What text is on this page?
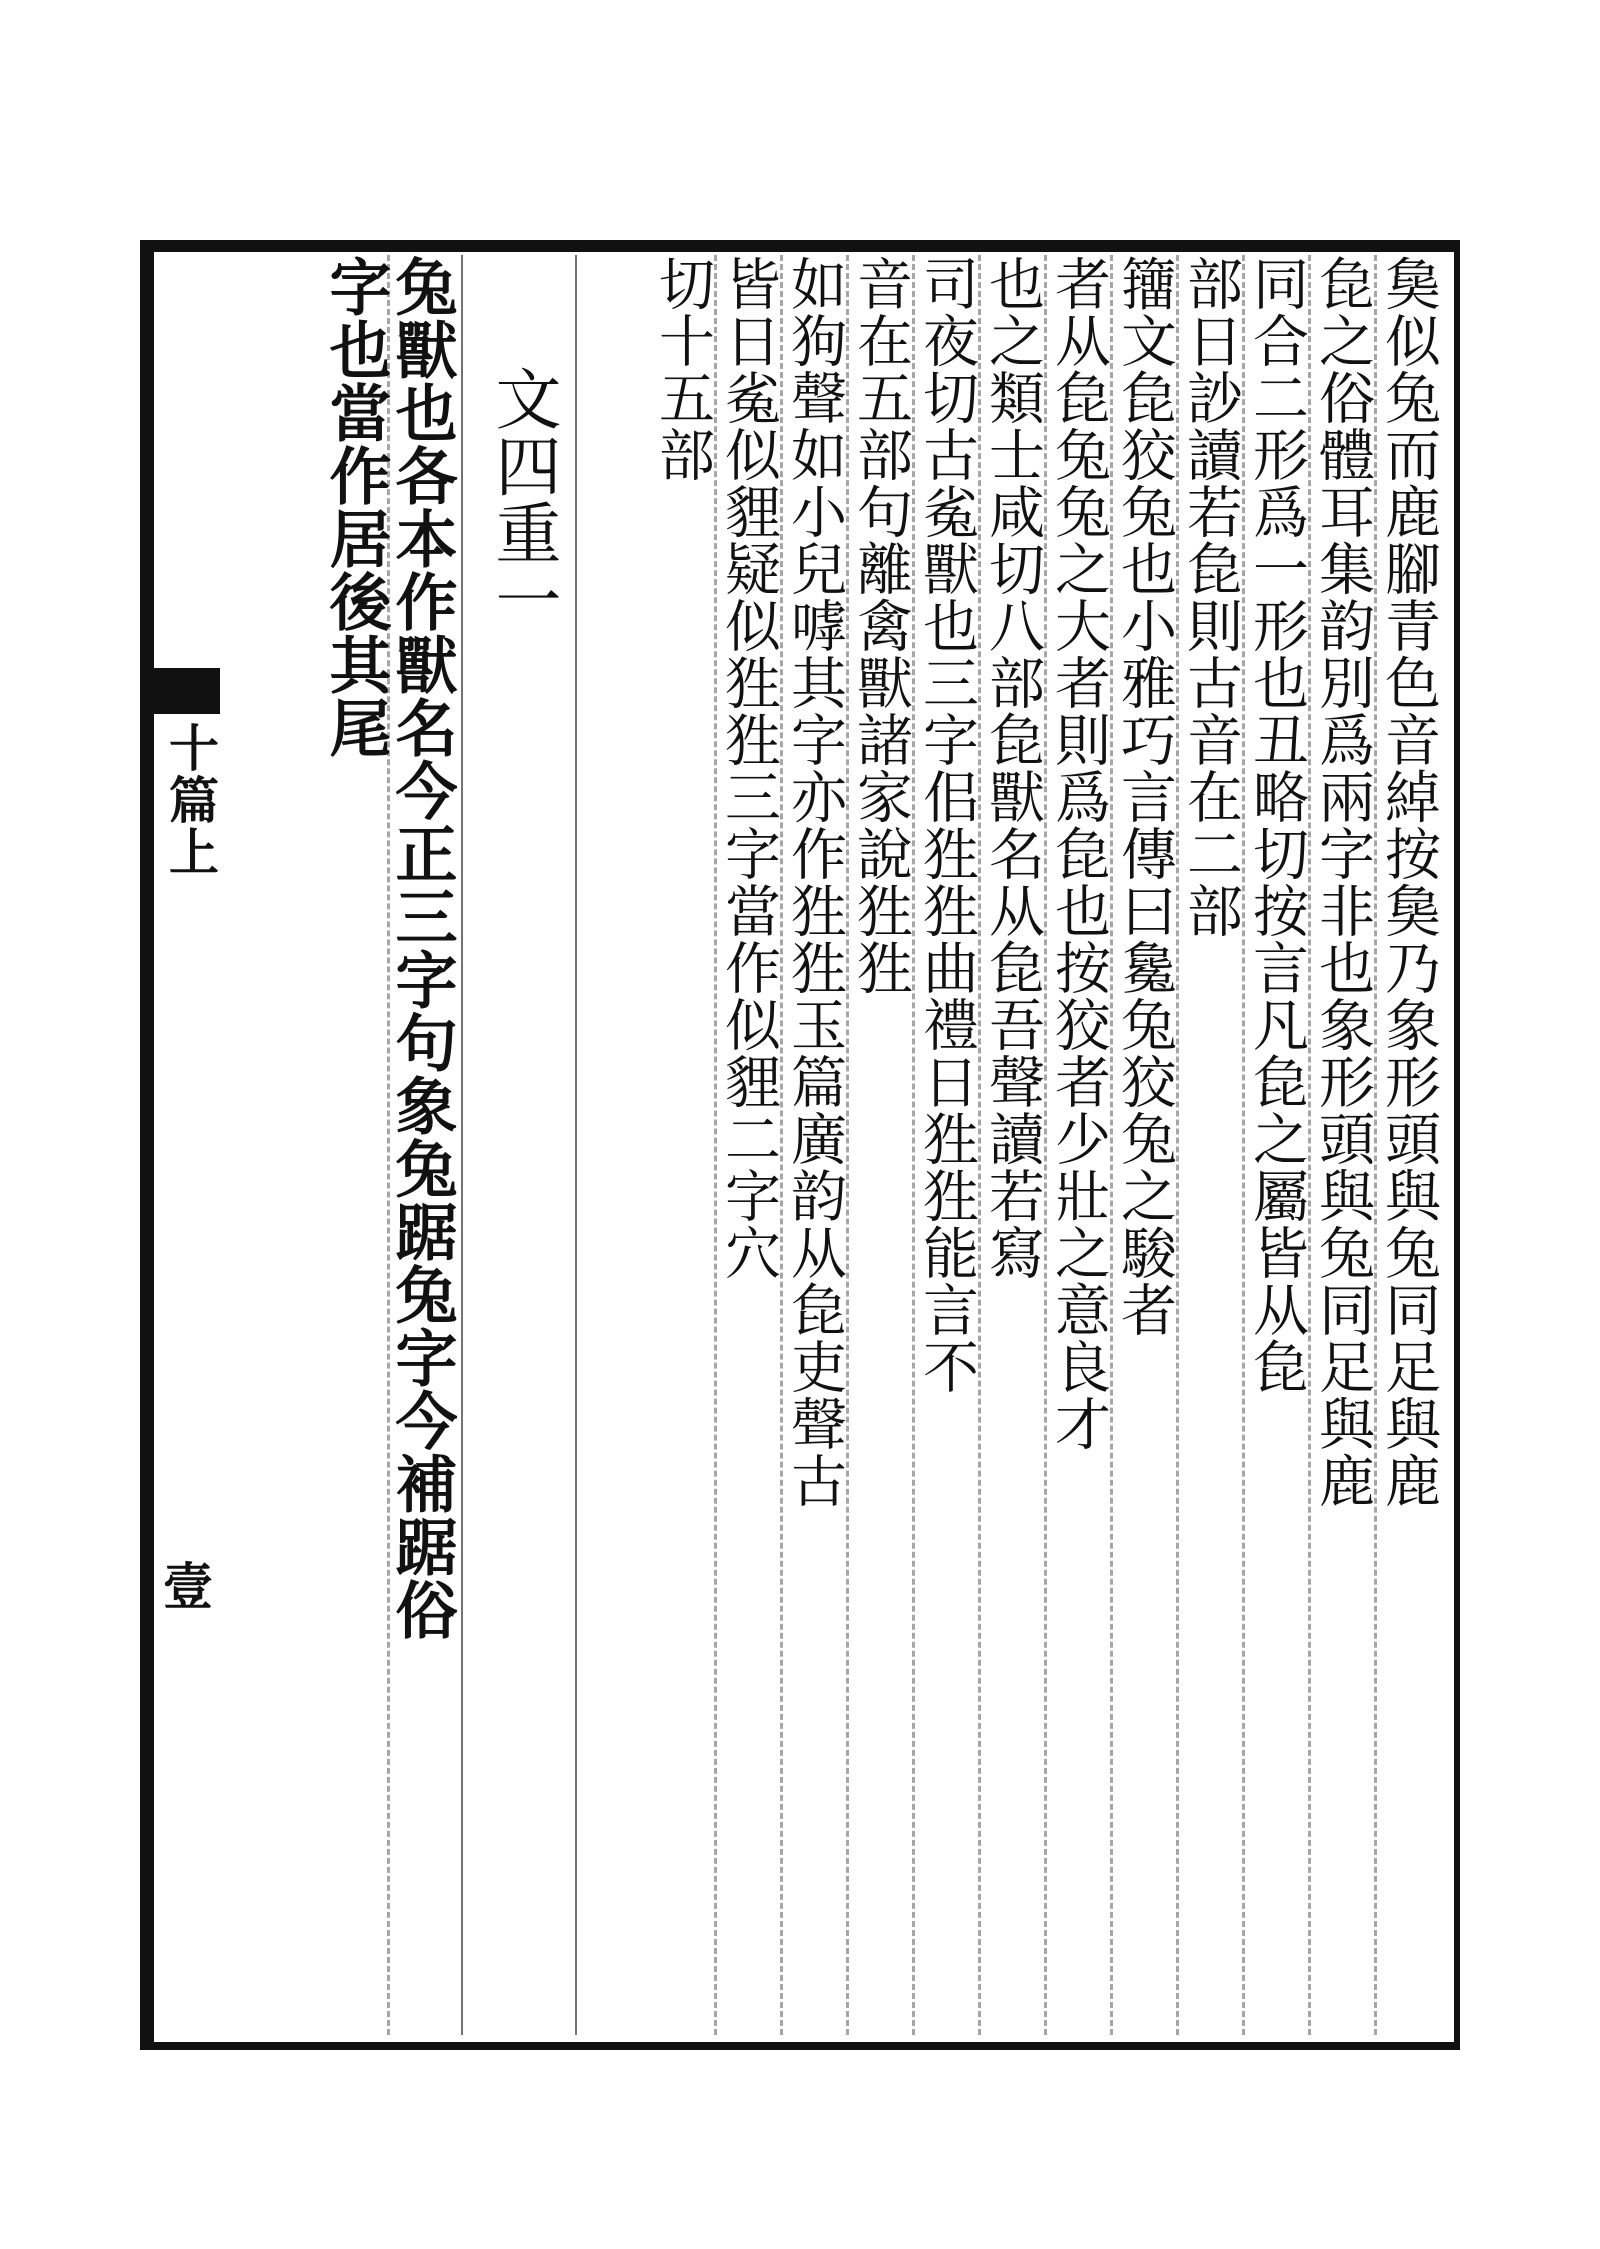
十篇上
壹
㚟似兔而鹿腳青色音綽按㚟乃象形頭與兔同足與鹿
㲋之俗體耳集韵別爲兩字非也象形頭與兔同足與鹿
同合二形爲一形也丑略切按言凡㲋之屬皆从㲋
部日訬讀若㲋則古音在二部
籒文㲋狡兔也小雅巧言傳曰毚兔狡兔之駿者
者从㲋兔兔之大者則爲㲋也按狡者少壯之意良才
也之類士咸切八部㲋獸名从㲋吾聲讀若寫
司夜切古㝹獸也三字佀狌狌曲禮日狌狌能言不
音在五部句離禽獸諸家說狌狌
如狗聲如小兒嘑其字亦作狌狌玉篇廣韵从㲋吏聲古
皆日㝹似貍疑似狌狌三字當作似貍二字穴
切十五部
文四重一
兔獸也各本作獸名今正三字句象兔踞兔字今補踞俗
字也當作居後其尾
